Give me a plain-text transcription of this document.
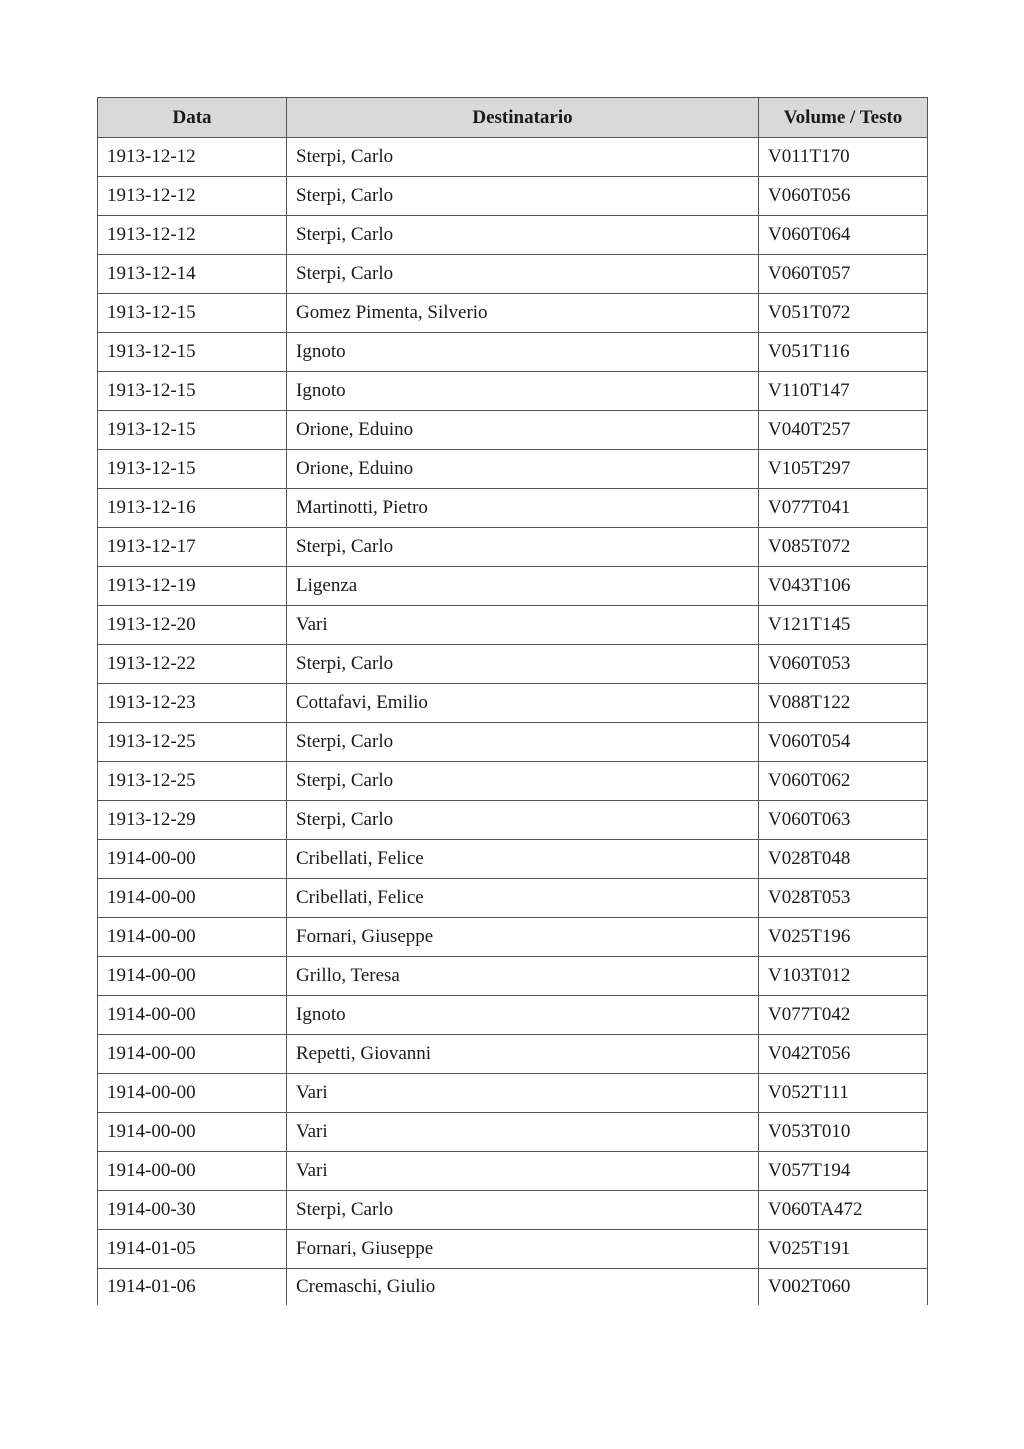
Data	Destinatario	Volume / Testo
1913-12-12	Sterpi, Carlo	V011T170
1913-12-12	Sterpi, Carlo	V060T056
1913-12-12	Sterpi, Carlo	V060T064
1913-12-14	Sterpi, Carlo	V060T057
1913-12-15	Gomez Pimenta, Silverio	V051T072
1913-12-15	Ignoto	V051T116
1913-12-15	Ignoto	V110T147
1913-12-15	Orione, Eduino	V040T257
1913-12-15	Orione, Eduino	V105T297
1913-12-16	Martinotti, Pietro	V077T041
1913-12-17	Sterpi, Carlo	V085T072
1913-12-19	Ligenza	V043T106
1913-12-20	Vari	V121T145
1913-12-22	Sterpi, Carlo	V060T053
1913-12-23	Cottafavi, Emilio	V088T122
1913-12-25	Sterpi, Carlo	V060T054
1913-12-25	Sterpi, Carlo	V060T062
1913-12-29	Sterpi, Carlo	V060T063
1914-00-00	Cribellati, Felice	V028T048
1914-00-00	Cribellati, Felice	V028T053
1914-00-00	Fornari, Giuseppe	V025T196
1914-00-00	Grillo, Teresa	V103T012
1914-00-00	Ignoto	V077T042
1914-00-00	Repetti, Giovanni	V042T056
1914-00-00	Vari	V052T111
1914-00-00	Vari	V053T010
1914-00-00	Vari	V057T194
1914-00-30	Sterpi, Carlo	V060TA472
1914-01-05	Fornari, Giuseppe	V025T191
1914-01-06	Cremaschi, Giulio	V002T060
